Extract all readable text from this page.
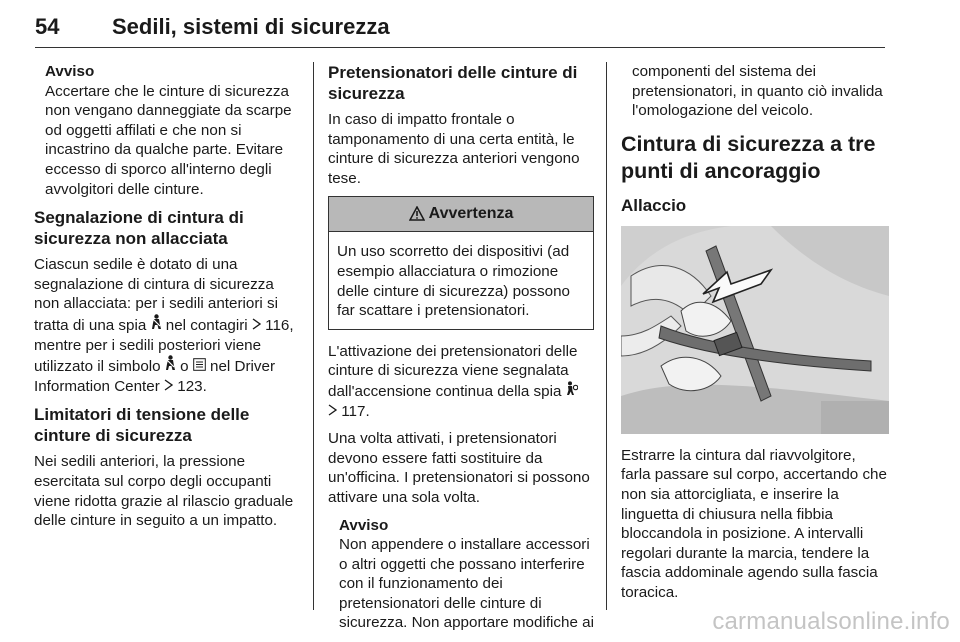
54 Sedili, sistemi di sicurezza
Avviso
Accertare che le cinture di sicurezza non vengano danneggiate da scarpe od oggetti affilati e che non si incastrino da qualche parte. Evitare eccesso di sporco all'interno degli avvolgitori delle cinture.
Segnalazione di cintura di sicurezza non allacciata

Ciascun sedile è dotato di una segnalazione di cintura di sicurezza non allacciata: per i sedili anteriori si tratta di una spia nel contagiri 116, mentre per i sedili posteriori viene utilizzato il simbolo o nel Driver Information Center 123.

Limitatori di tensione delle cinture di sicurezza

Nei sedili anteriori, la pressione esercitata sul corpo degli occupanti viene ridotta grazie al rilascio graduale delle cinture in seguito a un impatto.

Pretensionatori delle cinture di sicurezza

In caso di impatto frontale o tamponamento di una certa entità, le cinture di sicurezza anteriori vengono tese.

Avvertenza
Un uso scorretto dei dispositivi (ad esempio allacciatura o rimozione delle cinture di sicurezza) possono far scattare i pretensionatori.

L'attivazione dei pretensionatori delle cinture di sicurezza viene segnalata dall'accensione continua della spia
117.

Una volta attivati, i pretensionatori devono essere fatti sostituire da un'officina. I pretensionatori si possono attivare una sola volta.

Avviso
Non appendere o installare accessori o altri oggetti che possano interferire con il funzionamento dei pretensionatori delle cinture di sicurezza. Non apportare modifiche ai
componenti del sistema dei pretensionatori, in quanto ciò invalida l'omologazione del veicolo.
Cintura di sicurezza a tre punti di ancoraggio
Allaccio

Estrarre la cintura dal riavvolgitore, farla passare sul corpo, accertando che non sia attorcigliata, e inserire la linguetta di chiusura nella fibbia bloccandola in posizione. A intervalli regolari durante la marcia, tendere la fascia addominale agendo sulla fascia toracica.

carmanualsonline.info
